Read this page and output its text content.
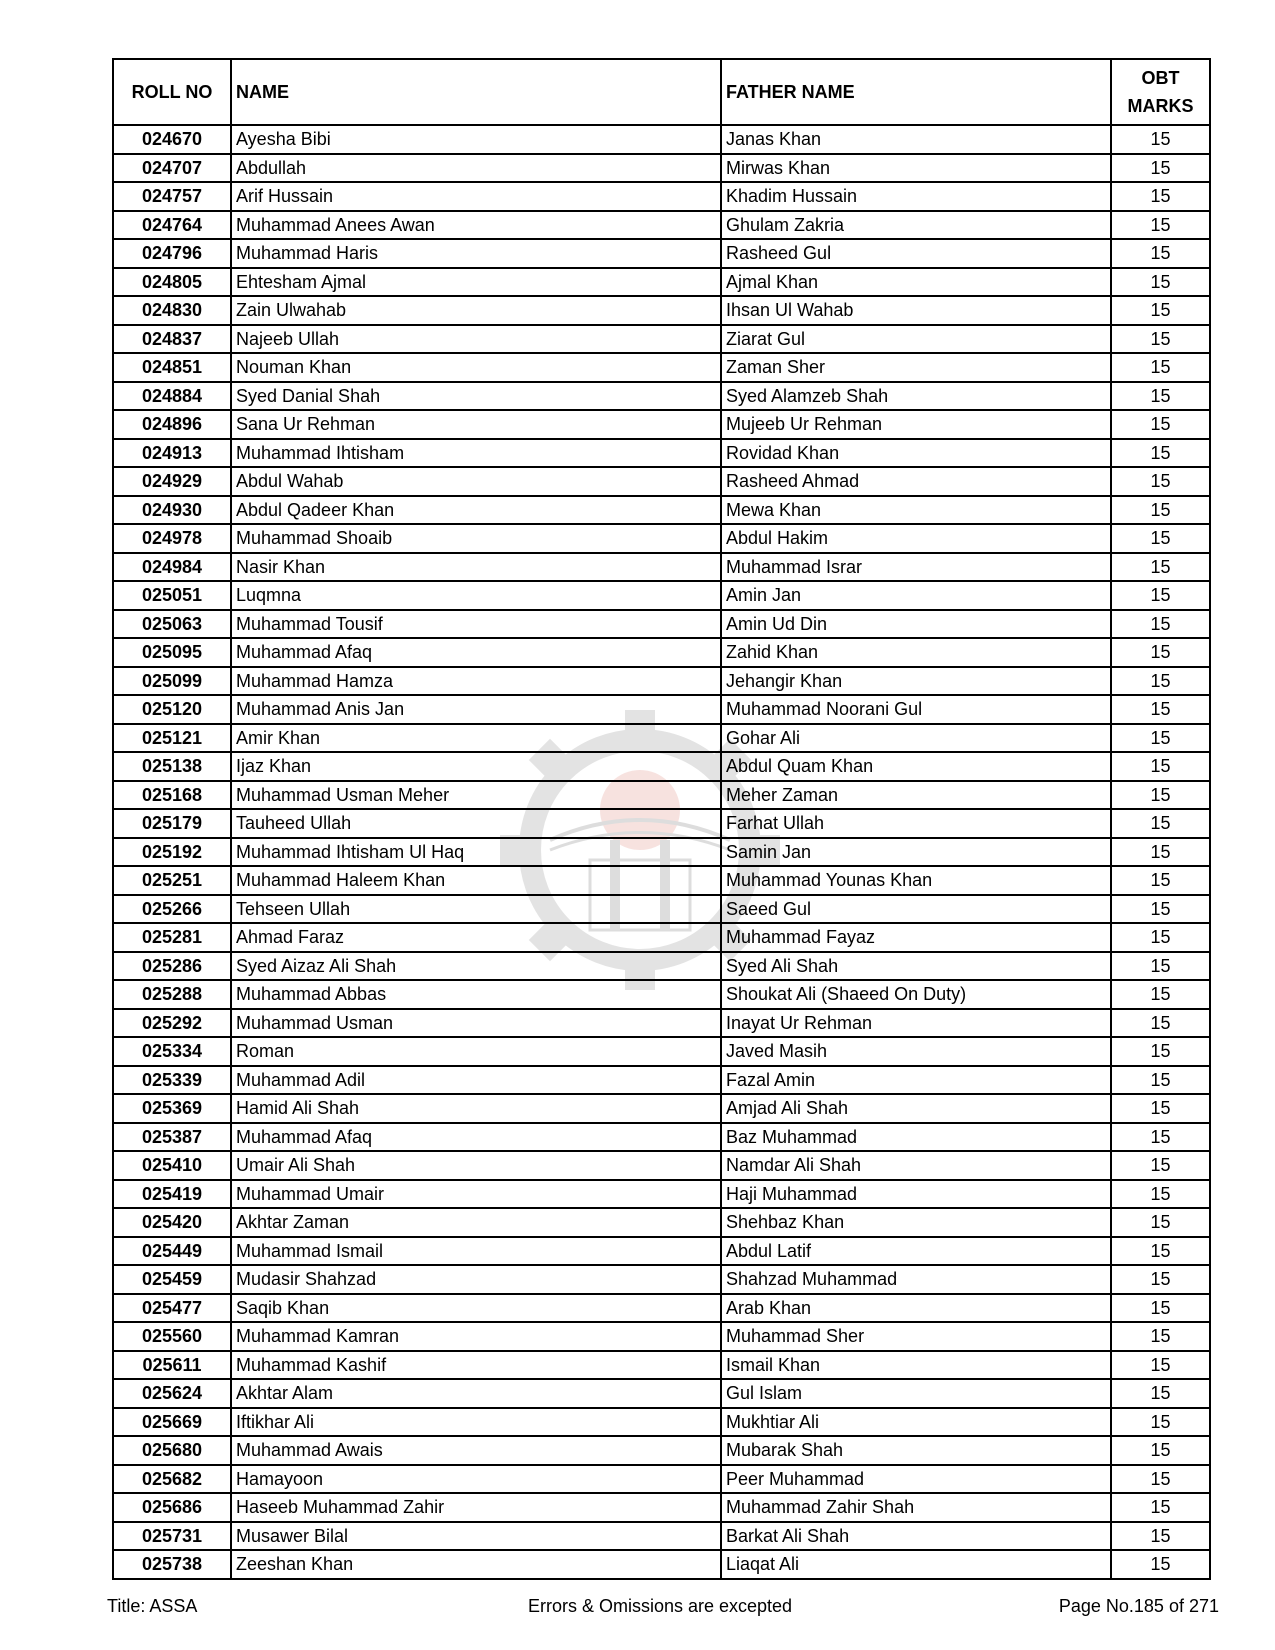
ROLL NO	NAME	FATHER NAME	OBT
MARKS
024670	Ayesha Bibi	Janas Khan	15
024707	Abdullah	Mirwas Khan	15
024757	Arif Hussain	Khadim Hussain	15
024764	Muhammad Anees Awan	Ghulam Zakria	15
024796	Muhammad Haris	Rasheed Gul	15
024805	Ehtesham Ajmal	Ajmal Khan	15
024830	Zain Ulwahab	Ihsan Ul Wahab	15
024837	Najeeb Ullah	Ziarat Gul	15
024851	Nouman Khan	Zaman Sher	15
024884	Syed Danial Shah	Syed Alamzeb Shah	15
024896	Sana Ur Rehman	Mujeeb Ur Rehman	15
024913	Muhammad Ihtisham	Rovidad Khan	15
024929	Abdul Wahab	Rasheed Ahmad	15
024930	Abdul Qadeer Khan	Mewa Khan	15
024978	Muhammad Shoaib	Abdul Hakim	15
024984	Nasir Khan	Muhammad Israr	15
025051	Luqmna	Amin Jan	15
025063	Muhammad Tousif	Amin Ud Din	15
025095	Muhammad Afaq	Zahid Khan	15
025099	Muhammad Hamza	Jehangir Khan	15
025120	Muhammad Anis Jan	Muhammad Noorani Gul	15
025121	Amir Khan	Gohar Ali	15
025138	Ijaz Khan	Abdul Quam Khan	15
025168	Muhammad Usman Meher	Meher Zaman	15
025179	Tauheed Ullah	Farhat Ullah	15
025192	Muhammad Ihtisham Ul Haq	Samin Jan	15
025251	Muhammad Haleem Khan	Muhammad Younas Khan	15
025266	Tehseen Ullah	Saeed Gul	15
025281	Ahmad Faraz	Muhammad Fayaz	15
025286	Syed Aizaz Ali Shah	Syed Ali Shah	15
025288	Muhammad Abbas	Shoukat Ali (Shaeed On Duty)	15
025292	Muhammad Usman	Inayat Ur Rehman	15
025334	Roman	Javed Masih	15
025339	Muhammad Adil	Fazal Amin	15
025369	Hamid Ali Shah	Amjad Ali Shah	15
025387	Muhammad Afaq	Baz Muhammad	15
025410	Umair Ali Shah	Namdar Ali Shah	15
025419	Muhammad Umair	Haji Muhammad	15
025420	Akhtar Zaman	Shehbaz Khan	15
025449	Muhammad Ismail	Abdul Latif	15
025459	Mudasir Shahzad	Shahzad Muhammad	15
025477	Saqib Khan	Arab Khan	15
025560	Muhammad Kamran	Muhammad Sher	15
025611	Muhammad Kashif	Ismail Khan	15
025624	Akhtar Alam	Gul Islam	15
025669	Iftikhar Ali	Mukhtiar Ali	15
025680	Muhammad Awais	Mubarak Shah	15
025682	Hamayoon	Peer Muhammad	15
025686	Haseeb Muhammad Zahir	Muhammad Zahir Shah	15
025731	Musawer Bilal	Barkat Ali Shah	15
025738	Zeeshan Khan	Liaqat Ali	15
Title: ASSA	Errors & Omissions are excepted	Page No.185 of 271
